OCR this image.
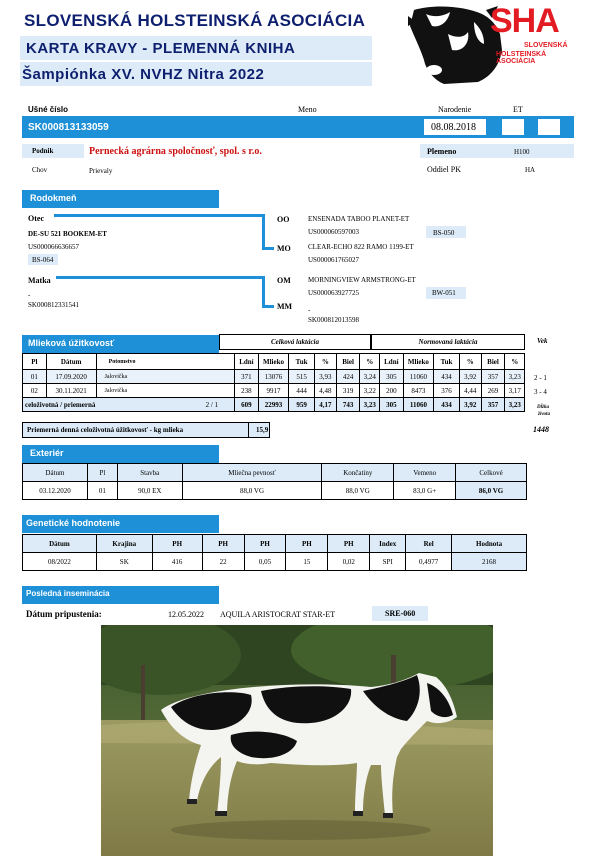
SLOVENSKÁ HOLSTEINSKÁ ASOCIÁCIA
KARTA KRAVY - PLEMENNÁ KNIHA
Šampiónka XV. NVHZ Nitra 2022
SHA
SLOVENSKÁ
HOLSTEINSKÁ ASOCIÁCIA
Ušné číslo	Meno	Narodenie	ET
SK000813133059	08.08.2018
Podnik	Pernecká agrárna spoločnosť, spol. s r.o.	Plemeno	H100
Chov	Prievaly	Oddiel PK	HA
Rodokmeň
Otec
DE-SU 521 BOOKEM-ET
US000066636657
BS-064
OO	ENSENADA TABOO PLANET-ET
US000060597003	BS-050
MO CLEAR-ECHO 822 RAMO 1199-ET
US000061765027
Matka
-
SK000812331541
OM MORNINGVIEW ARMSTRONG-ET
US000063927725	BW-051
MM -
SK000812013598
Mlieková úžitkovosť	Celková laktácia	Normovaná laktácia	Vek
Pl	Dátum	Potomstvo	Ldní	Mlieko	Tuk	%	Biel	%	Ldní	Mlieko	Tuk	%	Biel	%
01	17.09.2020	Jalovička	371	13076	515	3,93	424	3,24	305	11060	434	3,92	357	3,23
02	30.11.2021	Jalovička	238	9917	444	4,48	319	3,22	200	8473	376	4,44	269	3,17
celoživotná / priemerná 2 / 1			609	22993	959	4,17	743	3,23	305	11060	434	3,92	357	3,23
2 - 1
3 - 4
Dĺžka
života
1448
Priemerná denná celoživotná úžitkovosť - kg mlieka	15,9
Exteriér
Dátum	Pl	Stavba	Mliečna pevnosť	Končatiny	Vemeno	Celkové
03.12.2020	01	90,0 EX	88,0 VG	88,0 VG	83,0 G+	86,0 VG
Genetické hodnotenie
Dátum	Krajina	PH	PH	PH	PH	PH	Index	Rel	Hodnota
08/2022	SK	416	22	0,05	15	0,02	SPI	0,4977	2168
Posledná inseminácia
Dátum pripustenia:	12.05.2022 AQUILA ARISTOCRAT STAR-ET	SRE-060
